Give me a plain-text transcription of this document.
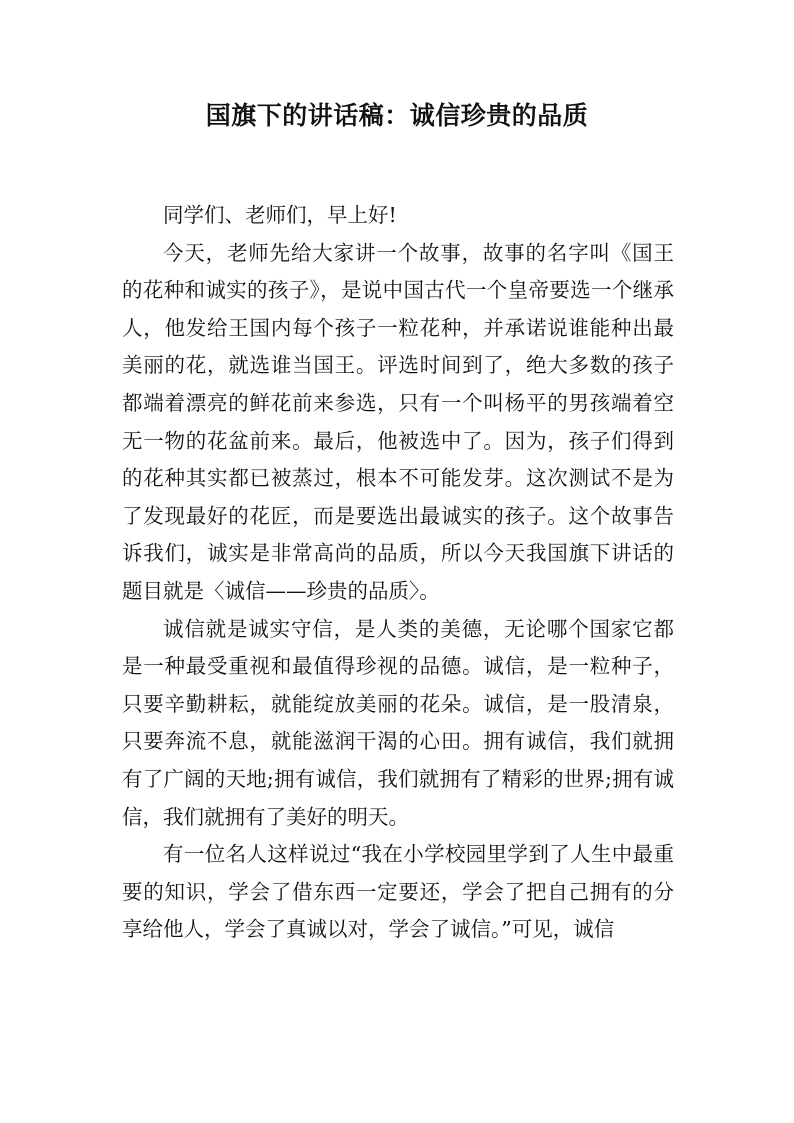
国旗下的讲话稿：诚信珍贵的品质

同学们、老师们，早上好!

今天，老师先给大家讲一个故事，故事的名字叫《国王的花种和诚实的孩子》，是说中国古代一个皇帝要选一个继承人，他发给王国内每个孩子一粒花种，并承诺说谁能种出最美丽的花，就选谁当国王。评选时间到了，绝大多数的孩子都端着漂亮的鲜花前来参选，只有一个叫杨平的男孩端着空无一物的花盆前来。最后，他被选中了。因为，孩子们得到的花种其实都已被蒸过，根本不可能发芽。这次测试不是为了发现最好的花匠，而是要选出最诚实的孩子。这个故事告诉我们，诚实是非常高尚的品质，所以今天我国旗下讲话的题目就是〈诚信——珍贵的品质〉。

诚信就是诚实守信，是人类的美德，无论哪个国家它都是一种最受重视和最值得珍视的品德。诚信，是一粒种子，只要辛勤耕耘，就能绽放美丽的花朵。诚信，是一股清泉，只要奔流不息，就能滋润干渴的心田。拥有诚信，我们就拥有了广阔的天地;拥有诚信，我们就拥有了精彩的世界;拥有诚信，我们就拥有了美好的明天。

有一位名人这样说过“我在小学校园里学到了人生中最重要的知识，学会了借东西一定要还，学会了把自己拥有的分享给他人，学会了真诚以对，学会了诚信。”可见，诚信
